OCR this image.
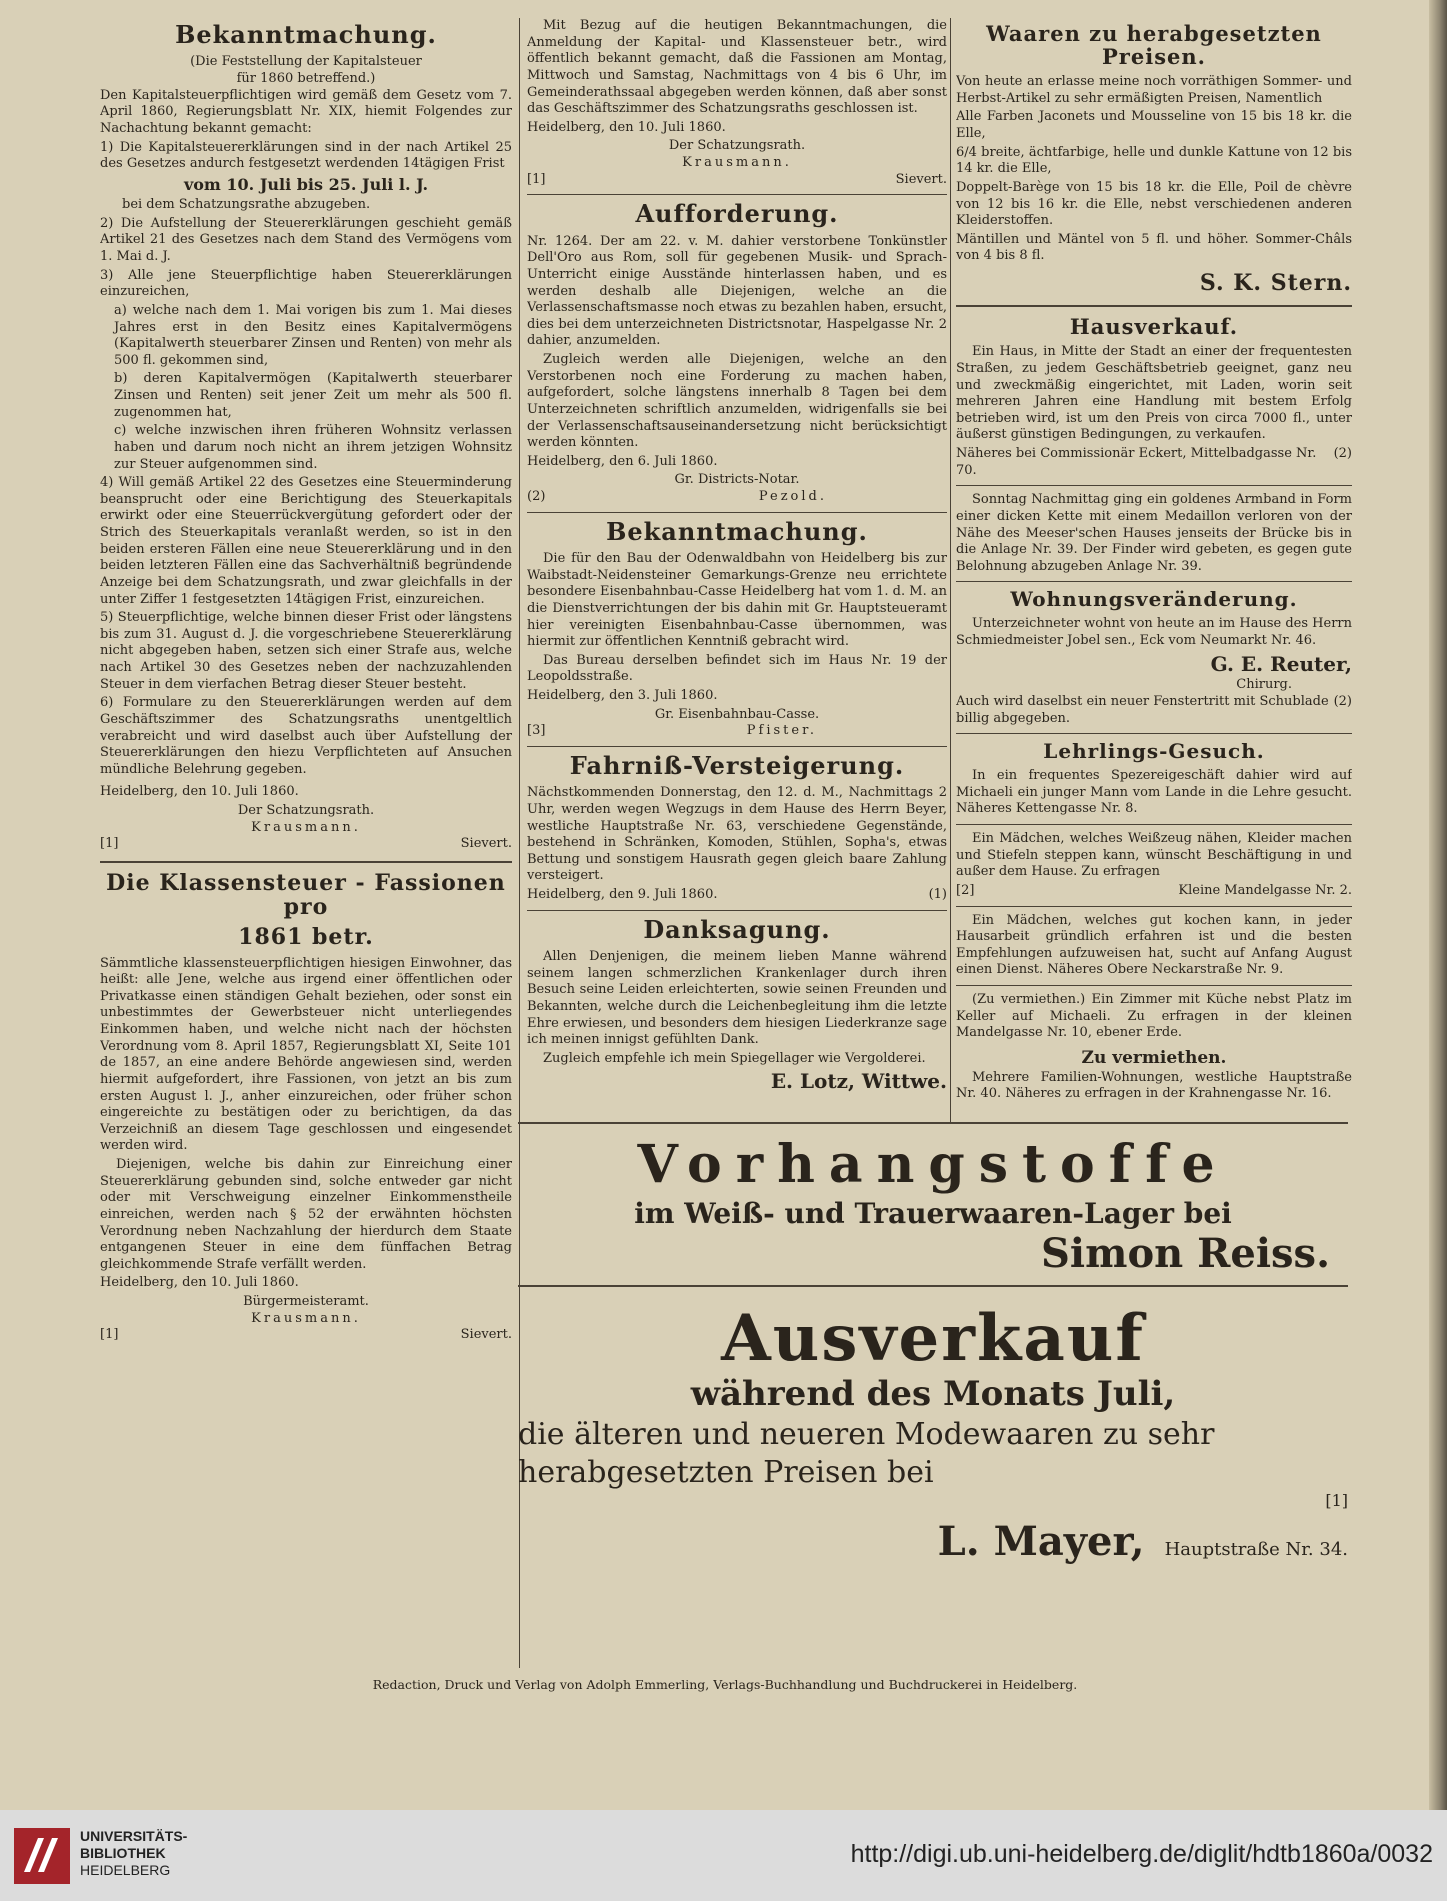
Bekanntmachung.
(Die Feststellung der Kapitalsteuer
für 1860 betreffend.)

Den Kapitalsteuerpflichtigen wird gemäß dem Gesetz vom 7. April 1860, Regierungsblatt Nr. XIX, hiemit Folgendes zur Nachachtung bekannt gemacht:

1) Die Kapitalsteuererklärungen sind in der nach Artikel 25 des Gesetzes andurch festgesetzt werdenden 14tägigen Frist

vom 10. Juli bis 25. Juli l. J.

bei dem Schatzungsrathe abzugeben.

2) Die Aufstellung der Steuererklärungen geschieht gemäß Artikel 21 des Gesetzes nach dem Stand des Vermögens vom 1. Mai d. J.

3) Alle jene Steuerpflichtige haben Steuererklärungen einzureichen,

a) welche nach dem 1. Mai vorigen bis zum 1. Mai dieses Jahres erst in den Besitz eines Kapitalvermögens (Kapitalwerth steuerbarer Zinsen und Renten) von mehr als 500 fl. gekommen sind,

b) deren Kapitalvermögen (Kapitalwerth steuerbarer Zinsen und Renten) seit jener Zeit um mehr als 500 fl. zugenommen hat,

c) welche inzwischen ihren früheren Wohnsitz verlassen haben und darum noch nicht an ihrem jetzigen Wohnsitz zur Steuer aufgenommen sind.

4) Will gemäß Artikel 22 des Gesetzes eine Steuerminderung beansprucht oder eine Berichtigung des Steuerkapitals erwirkt oder eine Steuerrückvergütung gefordert oder der Strich des Steuerkapitals veranlaßt werden, so ist in den beiden ersteren Fällen eine neue Steuererklärung und in den beiden letzteren Fällen eine das Sachverhältniß begründende Anzeige bei dem Schatzungsrath, und zwar gleichfalls in der unter Ziffer 1 festgesetzten 14tägigen Frist, einzureichen.

5) Steuerpflichtige, welche binnen dieser Frist oder längstens bis zum 31. August d. J. die vorgeschriebene Steuererklärung nicht abgegeben haben, setzen sich einer Strafe aus, welche nach Artikel 30 des Gesetzes neben der nachzuzahlenden Steuer in dem vierfachen Betrag dieser Steuer besteht.

6) Formulare zu den Steuererklärungen werden auf dem Geschäftszimmer des Schatzungsraths unentgeltlich verabreicht und wird daselbst auch über Aufstellung der Steuererklärungen den hiezu Verpflichteten auf Ansuchen mündliche Belehrung gegeben.

Heidelberg, den 10. Juli 1860.

Der Schatzungsrath.
Krausmann.
[1]	Sievert.
Die Klassensteuer - Fassionen pro
1861 betr.

Sämmtliche klassensteuerpflichtigen hiesigen Einwohner, das heißt: alle Jene, welche aus irgend einer öffentlichen oder Privatkasse einen ständigen Gehalt beziehen, oder sonst ein unbestimmtes der Gewerbsteuer nicht unterliegendes Einkommen haben, und welche nicht nach der höchsten Verordnung vom 8. April 1857, Regierungsblatt XI, Seite 101 de 1857, an eine andere Behörde angewiesen sind, werden hiermit aufgefordert, ihre Fassionen, von jetzt an bis zum ersten August l. J., anher einzureichen, oder früher schon eingereichte zu bestätigen oder zu berichtigen, da das Verzeichniß an diesem Tage geschlossen und eingesendet werden wird.

Diejenigen, welche bis dahin zur Einreichung einer Steuererklärung gebunden sind, solche entweder gar nicht oder mit Verschweigung einzelner Einkommenstheile einreichen, werden nach § 52 der erwähnten höchsten Verordnung neben Nachzahlung der hierdurch dem Staate entgangenen Steuer in eine dem fünffachen Betrag gleichkommende Strafe verfällt werden.

Heidelberg, den 10. Juli 1860.

Bürgermeisteramt.
Krausmann.
[1]	Sievert.

Mit Bezug auf die heutigen Bekanntmachungen, die Anmeldung der Kapital- und Klassensteuer betr., wird öffentlich bekannt gemacht, daß die Fassionen am Montag, Mittwoch und Samstag, Nachmittags von 4 bis 6 Uhr, im Gemeinderathssaal abgegeben werden können, daß aber sonst das Geschäftszimmer des Schatzungsraths geschlossen ist.

Heidelberg, den 10. Juli 1860.

Der Schatzungsrath.
Krausmann.
[1]	Sievert.
Aufforderung.

Nr. 1264. Der am 22. v. M. dahier verstorbene Tonkünstler Dell'Oro aus Rom, soll für gegebenen Musik- und Sprach-Unterricht einige Ausstände hinterlassen haben, und es werden deshalb alle Diejenigen, welche an die Verlassenschaftsmasse noch etwas zu bezahlen haben, ersucht, dies bei dem unterzeichneten Districtsnotar, Haspelgasse Nr. 2 dahier, anzumelden.

Zugleich werden alle Diejenigen, welche an den Verstorbenen noch eine Forderung zu machen haben, aufgefordert, solche längstens innerhalb 8 Tagen bei dem Unterzeichneten schriftlich anzumelden, widrigenfalls sie bei der Verlassenschaftsauseinandersetzung nicht berücksichtigt werden könnten.

Heidelberg, den 6. Juli 1860.

Gr. Districts-Notar.
(2)	Pezold.
Bekanntmachung.

Die für den Bau der Odenwaldbahn von Heidelberg bis zur Waibstadt-Neidensteiner Gemarkungs-Grenze neu errichtete besondere Eisenbahnbau-Casse Heidelberg hat vom 1. d. M. an die Dienstverrichtungen der bis dahin mit Gr. Hauptsteueramt hier vereinigten Eisenbahnbau-Casse übernommen, was hiermit zur öffentlichen Kenntniß gebracht wird.

Das Bureau derselben befindet sich im Haus Nr. 19 der Leopoldsstraße.

Heidelberg, den 3. Juli 1860.

Gr. Eisenbahnbau-Casse.
[3]	Pfister.
Fahrniß-Versteigerung.

Nächstkommenden Donnerstag, den 12. d. M., Nachmittags 2 Uhr, werden wegen Wegzugs in dem Hause des Herrn Beyer, westliche Hauptstraße Nr. 63, verschiedene Gegenstände, bestehend in Schränken, Komoden, Stühlen, Sopha's, etwas Bettung und sonstigem Hausrath gegen gleich baare Zahlung versteigert.

Heidelberg, den 9. Juli 1860.	(1)
Danksagung.

Allen Denjenigen, die meinem lieben Manne während seinem langen schmerzlichen Krankenlager durch ihren Besuch seine Leiden erleichterten, sowie seinen Freunden und Bekannten, welche durch die Leichenbegleitung ihm die letzte Ehre erwiesen, und besonders dem hiesigen Liederkranze sage ich meinen innigst gefühlten Dank.

Zugleich empfehle ich mein Spiegellager wie Vergolderei.

E. Lotz, Wittwe.
Waaren zu herabgesetzten Preisen.

Von heute an erlasse meine noch vorräthigen Sommer- und Herbst-Artikel zu sehr ermäßigten Preisen, Namentlich

Alle Farben Jaconets und Mousseline von 15 bis 18 kr. die Elle,

6/4 breite, ächtfarbige, helle und dunkle Kattune von 12 bis 14 kr. die Elle,

Doppelt-Barège von 15 bis 18 kr. die Elle, Poil de chèvre von 12 bis 16 kr. die Elle, nebst verschiedenen anderen Kleiderstoffen.

Mäntillen und Mäntel von 5 fl. und höher. Sommer-Châls von 4 bis 8 fl.

S. K. Stern.
Hausverkauf.

Ein Haus, in Mitte der Stadt an einer der frequentesten Straßen, zu jedem Geschäftsbetrieb geeignet, ganz neu und zweckmäßig eingerichtet, mit Laden, worin seit mehreren Jahren eine Handlung mit bestem Erfolg betrieben wird, ist um den Preis von circa 7000 fl., unter äußerst günstigen Bedingungen, zu verkaufen.

Näheres bei Commissionär Eckert, Mittelbadgasse Nr. 70.
(2)

Sonntag Nachmittag ging ein goldenes Armband in Form einer dicken Kette mit einem Medaillon verloren von der Nähe des Meeser'schen Hauses jenseits der Brücke bis in die Anlage Nr. 39. Der Finder wird gebeten, es gegen gute Belohnung abzugeben Anlage Nr. 39.

Wohnungsveränderung.

Unterzeichneter wohnt von heute an im Hause des Herrn Schmiedmeister Jobel sen., Eck vom Neumarkt Nr. 46.

G. E. Reuter,
Chirurg.
Auch wird daselbst ein neuer Fenstertritt mit Schublade billig abgegeben.
(2)
Lehrlings-Gesuch.

In ein frequentes Spezereigeschäft dahier wird auf Michaeli ein junger Mann vom Lande in die Lehre gesucht. Näheres Kettengasse Nr. 8.

Ein Mädchen, welches Weißzeug nähen, Kleider machen und Stiefeln steppen kann, wünscht Beschäftigung in und außer dem Hause. Zu erfragen

[2]	Kleine Mandelgasse Nr. 2.

Ein Mädchen, welches gut kochen kann, in jeder Hausarbeit gründlich erfahren ist und die besten Empfehlungen aufzuweisen hat, sucht auf Anfang August einen Dienst. Näheres Obere Neckarstraße Nr. 9.

(Zu vermiethen.) Ein Zimmer mit Küche nebst Platz im Keller auf Michaeli. Zu erfragen in der kleinen Mandelgasse Nr. 10, ebener Erde.

Zu vermiethen.

Mehrere Familien-Wohnungen, westliche Hauptstraße Nr. 40. Näheres zu erfragen in der Krahnengasse Nr. 16.

Vorhangstoffe
im Weiß- und Trauerwaaren-Lager bei
Simon Reiss.
Ausverkauf
während des Monats Juli,
die älteren und neueren Modewaaren zu sehr herabgesetzten Preisen bei
[1]
L. Mayer, Hauptstraße Nr. 34.
Redaction, Druck und Verlag von Adolph Emmerling, Verlags-Buchhandlung und Buchdruckerei in Heidelberg.
UNIVERSITÄTS-
BIBLIOTHEK
HEIDELBERG
http://digi.ub.uni-heidelberg.de/diglit/hdtb1860a/0032
